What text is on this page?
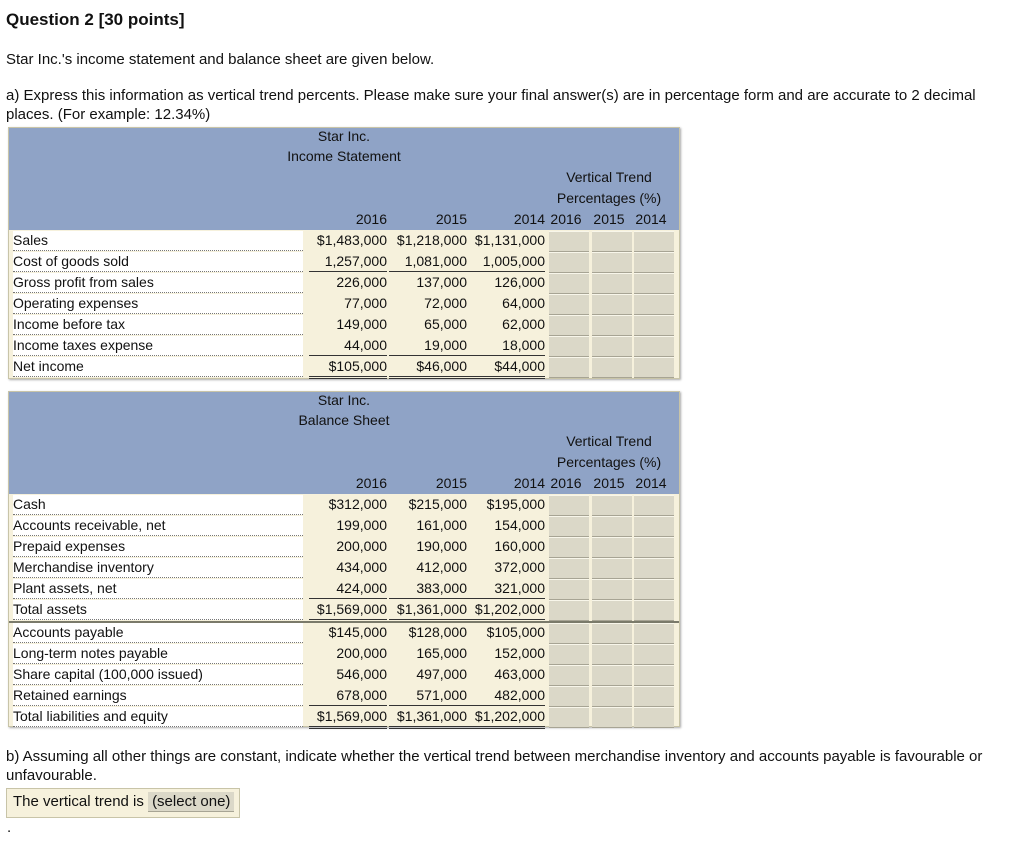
Question 2 [30 points]
Star Inc.'s income statement and balance sheet are given below.
a) Express this information as vertical trend percents. Please make sure your final answer(s) are in percentage form and are accurate to 2 decimal places. (For example: 12.34%)
Star Inc.
Income Statement
Vertical Trend
Percentages (%)
2016	2015	2014 2016 2015 2014
Sales	$1,483,000 $1,218,000 $1,131,000
Cost of goods sold	1,257,000	1,081,000	1,005,000
Gross profit from sales	226,000	137,000	126,000
Operating expenses	77,000	72,000	64,000
Income before tax	149,000	65,000	62,000
Income taxes expense	44,000	19,000	18,000
Net income	$105,000	$46,000	$44,000
Star Inc.
Balance Sheet
Vertical Trend
Percentages (%)
2016	2015	2014 2016 2015 2014
Cash	$312,000	$215,000	$195,000
Accounts receivable, net	199,000	161,000	154,000
Prepaid expenses	200,000	190,000	160,000
Merchandise inventory	434,000	412,000	372,000
Plant assets, net	424,000	383,000	321,000
Total assets	$1,569,000 $1,361,000 $1,202,000
Accounts payable	$145,000	$128,000	$105,000
Long-term notes payable	200,000	165,000	152,000
Share capital (100,000 issued)	546,000	497,000	463,000
Retained earnings	678,000	571,000	482,000
Total liabilities and equity	$1,569,000 $1,361,000 $1,202,000
b) Assuming all other things are constant, indicate whether the vertical trend between merchandise inventory and accounts payable is favourable or unfavourable.
The vertical trend is (select one) .
